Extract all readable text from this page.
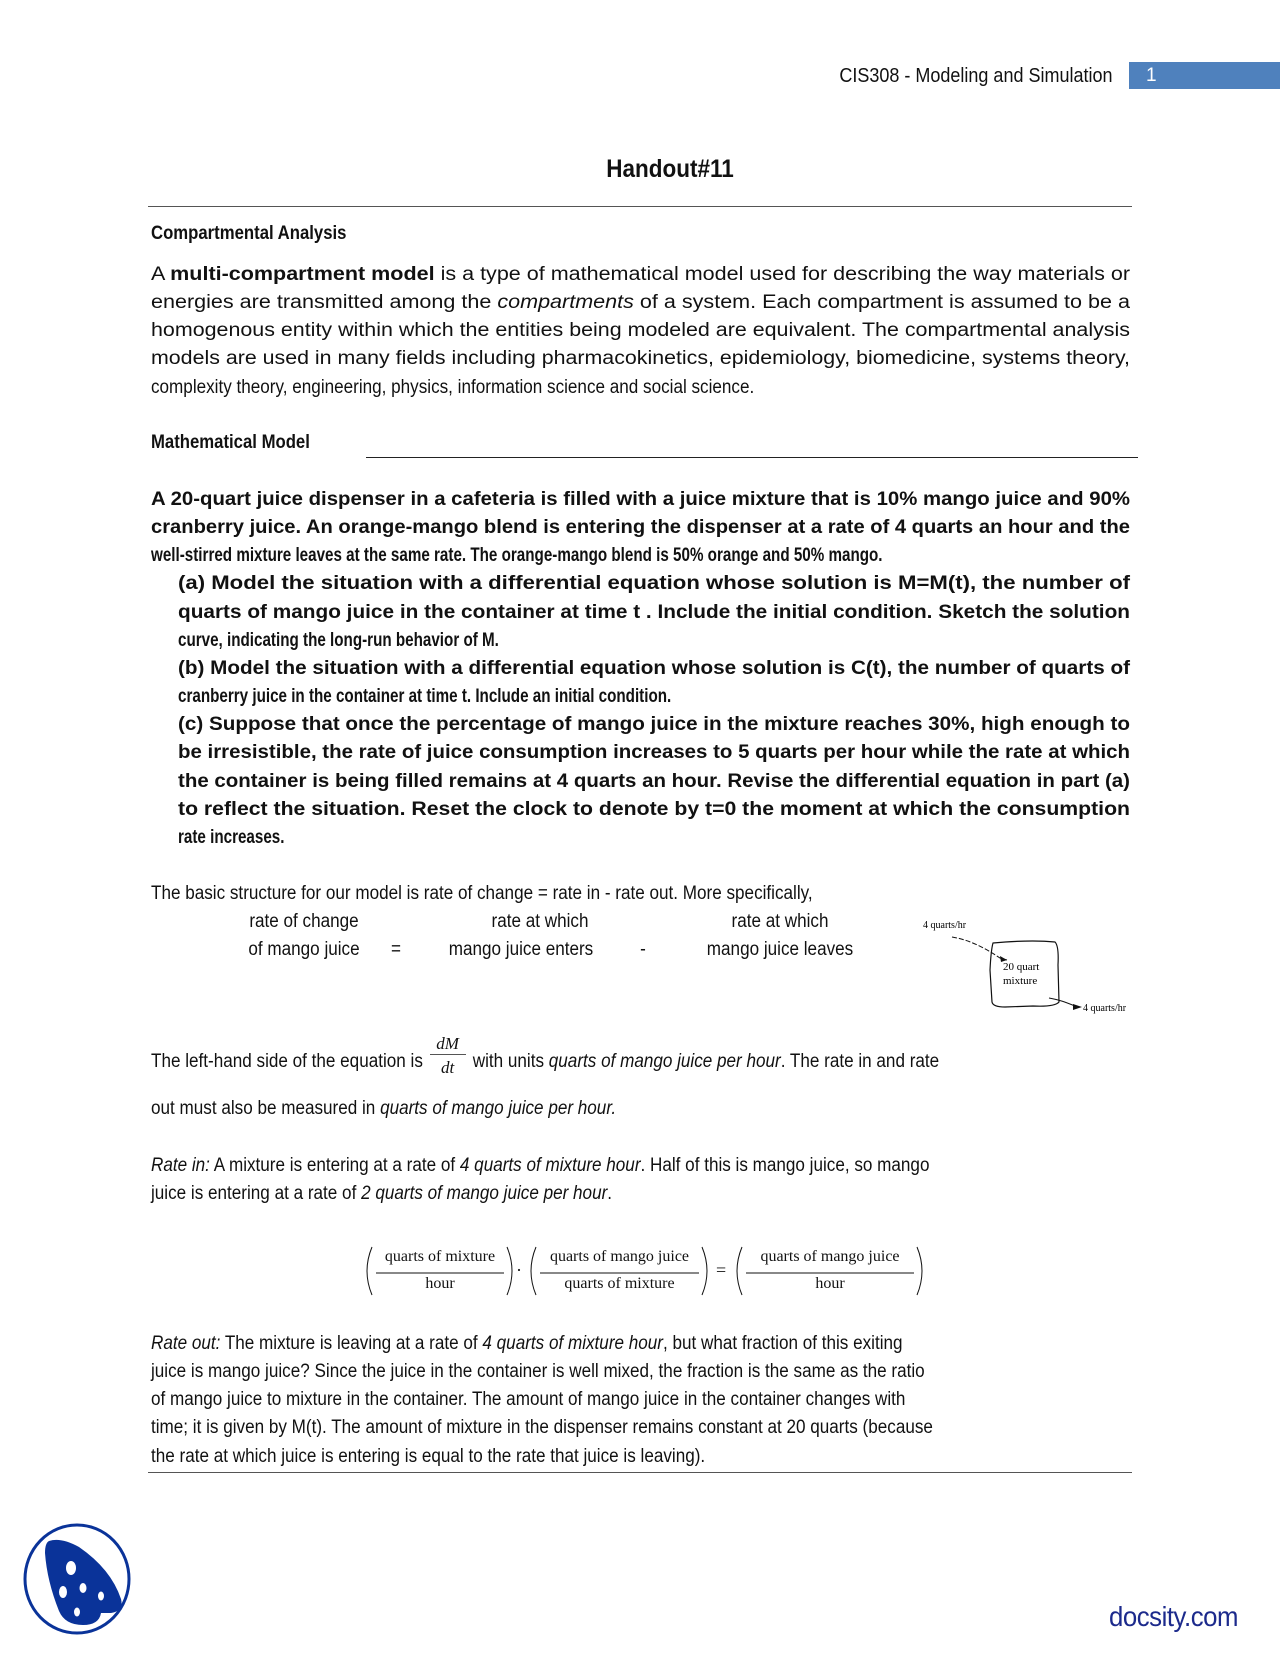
CIS308 - Modeling and Simulation 1
Handout#11
Compartmental Analysis
A multi-compartment model is a type of mathematical model used for describing the way materials or
energies are transmitted among the compartments of a system. Each compartment is assumed to be a
homogenous entity within which the entities being modeled are equivalent. The compartmental analysis
models are used in many fields including pharmacokinetics, epidemiology, biomedicine, systems theory,
complexity theory, engineering, physics, information science and social science.
A 20-quart juice dispenser in a cafeteria is filled with a juice mixture that is 10% mango juice and 90%
cranberry juice. An orange-mango blend is entering the dispenser at a rate of 4 quarts an hour and the
well-stirred mixture leaves at the same rate. The orange-mango blend is 50% orange and 50% mango.
(a) Model the situation with a differential equation whose solution is M=M(t), the number of
quarts of mango juice in the container at time t . Include the initial condition. Sketch the solution
curve, indicating the long-run behavior of M.
(b) Model the situation with a differential equation whose solution is C(t), the number of quarts of
cranberry juice in the container at time t. Include an initial condition.
(c) Suppose that once the percentage of mango juice in the mixture reaches 30%, high enough to
be irresistible, the rate of juice consumption increases to 5 quarts per hour while the rate at which
the container is being filled remains at 4 quarts an hour. Revise the differential equation in part (a)
to reflect the situation. Reset the clock to denote by t=0 the moment at which the consumption
rate increases.
The basic structure for our model is rate of change = rate in - rate out. More specifically,
out must also be measured in quarts of mango juice per hour.
Rate in: A mixture is entering at a rate of 4 quarts of mixture hour. Half of this is mango juice, so mango
juice is entering at a rate of 2 quarts of mango juice per hour.
Rate out: The mixture is leaving at a rate of 4 quarts of mixture hour, but what fraction of this exiting
juice is mango juice? Since the juice in the container is well mixed, the fraction is the same as the ratio
of mango juice to mixture in the container. The amount of mango juice in the container changes with
time; it is given by M(t). The amount of mixture in the dispenser remains constant at 20 quarts (because
the rate at which juice is entering is equal to the rate that juice is leaving).
Mathematical Model
rate of change
of mango juice =
rate at which
mango juice enters -
rate at which
mango juice leaves
4 quarts/hr
20 quart
mixture
4 quarts/hr
The left-hand side of the equation is $\frac{dM}{dt}$ with units quarts of mango juice per hour. The rate in and rate
quarts of mixture
hour
·
quarts of mango juice
quarts of mixture
=
quarts of mango juice
hour
docsity.com
